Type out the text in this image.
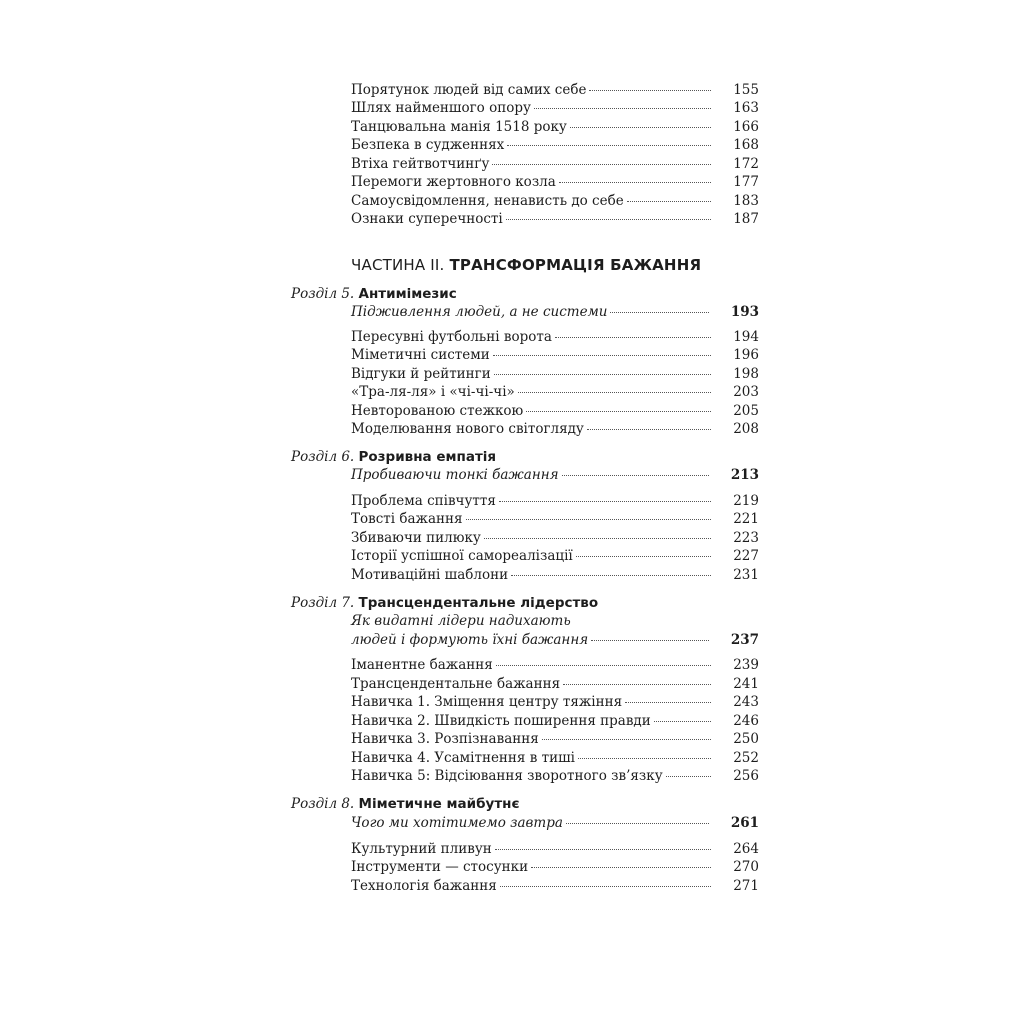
Порятунок людей від самих себе	155
Шлях найменшого опору	163
Танцювальна манія 1518 року	166
Безпека в судженнях	168
Втіха гейтвотчинґу	172
Перемоги жертовного козла	177
Самоусвідомлення, ненависть до себе	183
Ознаки суперечності	187
ЧАСТИНА II. ТРАНСФОРМАЦІЯ БАЖАННЯ
Розділ 5. Антимімезис
Підживлення людей, а не системи	193
Пересувні футбольні ворота	194
Міметичні системи	196
Відгуки й рейтинги	198
«Тра-ля-ля» і «чі-чі-чі»	203
Невторованою стежкою	205
Моделювання нового світогляду	208
Розділ 6. Розривна емпатія
Пробиваючи тонкі бажання	213
Проблема співчуття	219
Товсті бажання	221
Збиваючи пилюку	223
Історії успішної самореалізації	227
Мотиваційні шаблони	231
Розділ 7. Трансцендентальне лідерство
Як видатні лідери надихають
людей і формують їхні бажання	237
Іманентне бажання	239
Трансцендентальне бажання	241
Навичка 1. Зміщення центру тяжіння	243
Навичка 2. Швидкість поширення правди	246
Навичка 3. Розпізнавання	250
Навичка 4. Усамітнення в тиші	252
Навичка 5: Відсіювання зворотного зв’язку	256
Розділ 8. Міметичне майбутнє
Чого ми хотітимемо завтра	261
Культурний пливун	264
Інструменти — стосунки	270
Технологія бажання	271
